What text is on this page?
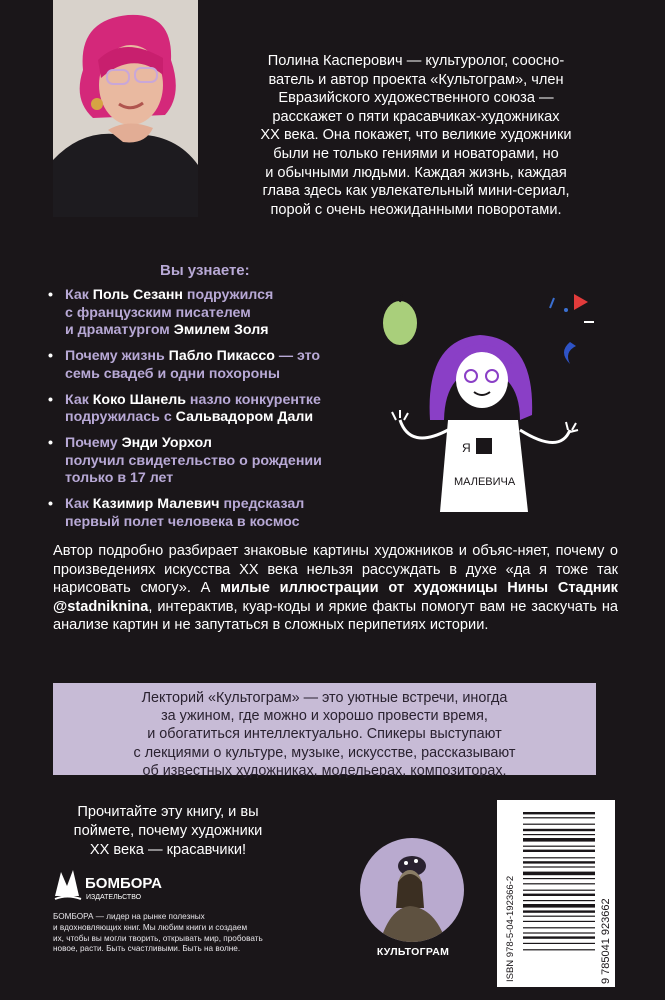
Полина Касперович — культуролог, соосно-
ватель и автор проекта «Культограм», член
Евразийского художественного союза —
расскажет о пяти красавчиках-художниках
XX века. Она покажет, что великие художники
были не только гениями и новаторами, но
и обычными людьми. Каждая жизнь, каждая
глава здесь как увлекательный мини-сериал,
порой с очень неожиданными поворотами.
Вы узнаете:
• Как Поль Сезанн подружился
с французским писателем
и драматургом Эмилем Золя
• Почему жизнь Пабло Пикассо — это
семь свадеб и одни похороны
• Как Коко Шанель назло конкурентке
подружилась с Сальвадором Дали
• Почему Энди Уорхол
получил свидетельство о рождении
только в 17 лет
• Как Казимир Малевич предсказал
первый полет человека в космос
Я
МАЛЕВИЧА
Автор подробно разбирает знаковые картины художников и объяс-няет, почему о произведениях искусства XX века нельзя рассуждать в духе «да я тоже так нарисовать смогу». А милые иллюстрации от художницы Нины Стадник @stadniknina, интерактив, куар-коды и яркие факты помогут вам не заскучать на анализе картин и не запутаться в сложных перипетиях истории.
Лекторий «Культограм» — это уютные встречи, иногда
за ужином, где можно и хорошо провести время,
и обогатиться интеллектуально. Спикеры выступают
с лекциями о культуре, музыке, искусстве, рассказывают
об известных художниках, модельерах, композиторах.
Прочитайте эту книгу, и вы
поймете, почему художники
XX века — красавчики!
БОМБОРА
ИЗДАТЕЛЬСТВО
БОМБОРА — лидер на рынке полезных
и вдохновляющих книг. Мы любим книги и создаем
их, чтобы вы могли творить, открывать мир, пробовать
новое, расти. Быть счастливыми. Быть на волне.	КУЛЬТОГРАМ	ISBN 978-5-04-192366-2	9 785041 923662
